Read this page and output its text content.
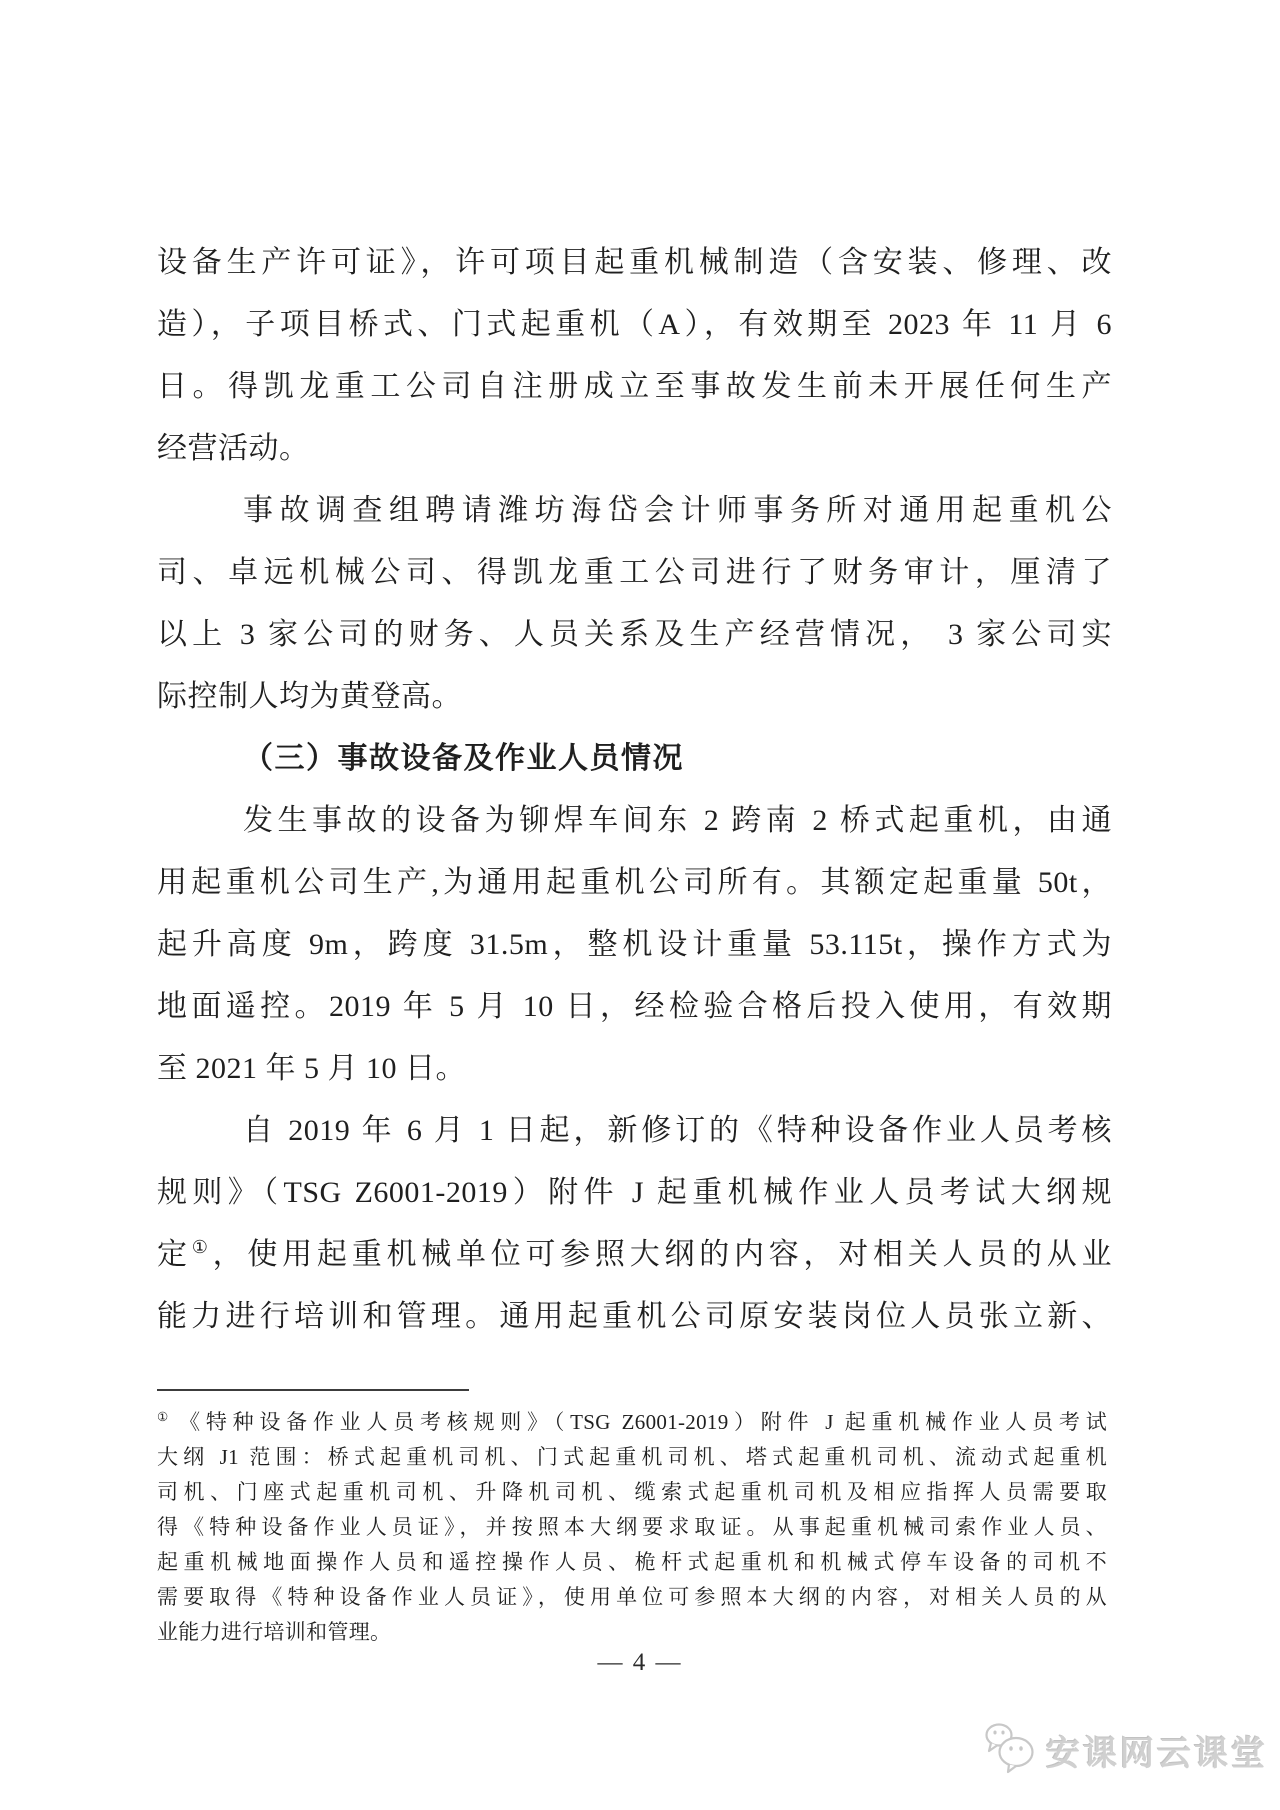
设备生产许可证》，许可项目起重机械制造（含安装、修理、改
造），子项目桥式、门式起重机（A），有效期至 2023 年 11 月 6
日。得凯龙重工公司自注册成立至事故发生前未开展任何生产
经营活动。
事故调查组聘请潍坊海岱会计师事务所对通用起重机公
司、卓远机械公司、得凯龙重工公司进行了财务审计，厘清了
以上 3 家公司的财务、人员关系及生产经营情况， 3 家公司实
际控制人均为黄登高。
（三）事故设备及作业人员情况
发生事故的设备为铆焊车间东 2 跨南 2 桥式起重机，由通
用起重机公司生产,为通用起重机公司所有。其额定起重量 50t，
起升高度 9m，跨度 31.5m，整机设计重量 53.115t，操作方式为
地面遥控。2019 年 5 月 10 日，经检验合格后投入使用，有效期
至 2021 年 5 月 10 日。
自 2019 年 6 月 1 日起，新修订的《特种设备作业人员考核
规则》（TSG Z6001-2019）附件 J 起重机械作业人员考试大纲规
定①，使用起重机械单位可参照大纲的内容，对相关人员的从业
能力进行培训和管理。通用起重机公司原安装岗位人员张立新、
① 《特种设备作业人员考核规则》（TSG Z6001-2019）附件 J 起重机械作业人员考试
大纲 J1 范围：桥式起重机司机、门式起重机司机、塔式起重机司机、流动式起重机
司机、门座式起重机司机、升降机司机、缆索式起重机司机及相应指挥人员需要取
得《特种设备作业人员证》，并按照本大纲要求取证。从事起重机械司索作业人员、
起重机械地面操作人员和遥控操作人员、桅杆式起重机和机械式停车设备的司机不
需要取得《特种设备作业人员证》，使用单位可参照本大纲的内容，对相关人员的从
业能力进行培训和管理。
— 4 —
安课网云课堂
